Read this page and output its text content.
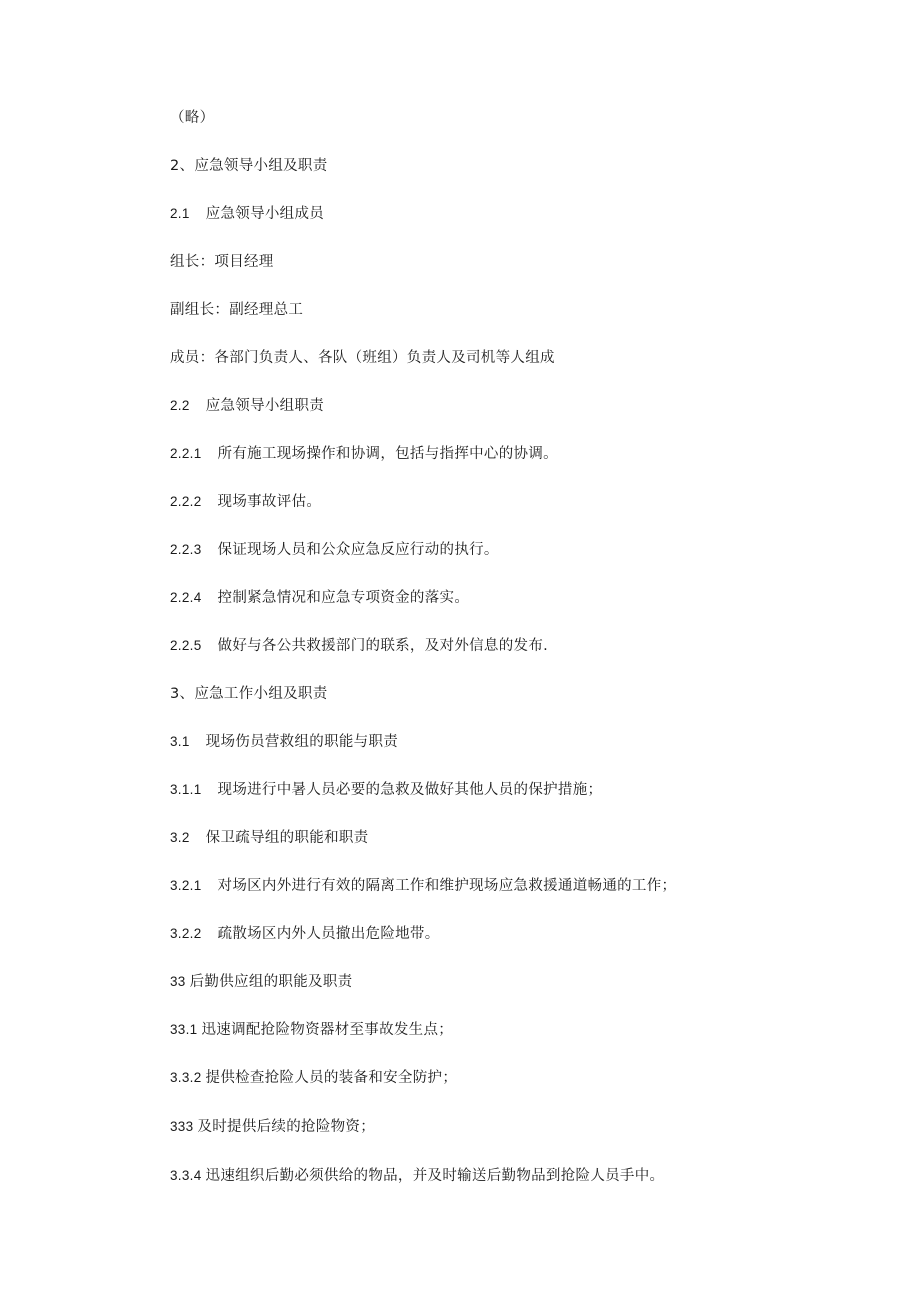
（略）
2、应急领导小组及职责
2.1 应急领导小组成员
组长：项目经理
副组长：副经理总工
成员：各部门负责人、各队（班组）负责人及司机等人组成
2.2 应急领导小组职责
2.2.1 所有施工现场操作和协调，包括与指挥中心的协调。
2.2.2 现场事故评估。
2.2.3 保证现场人员和公众应急反应行动的执行。
2.2.4 控制紧急情况和应急专项资金的落实。
2.2.5 做好与各公共救援部门的联系，及对外信息的发布.
3、应急工作小组及职责
3.1 现场伤员营救组的职能与职责
3.1.1 现场进行中暑人员必要的急救及做好其他人员的保护措施；
3.2 保卫疏导组的职能和职责
3.2.1 对场区内外进行有效的隔离工作和维护现场应急救援通道畅通的工作；
3.2.2 疏散场区内外人员撤出危险地带。
33 后勤供应组的职能及职责
33.1 迅速调配抢险物资器材至事故发生点；
3.3.2 提供检查抢险人员的装备和安全防护；
333 及时提供后续的抢险物资；
3.3.4 迅速组织后勤必须供给的物品，并及时输送后勤物品到抢险人员手中。
